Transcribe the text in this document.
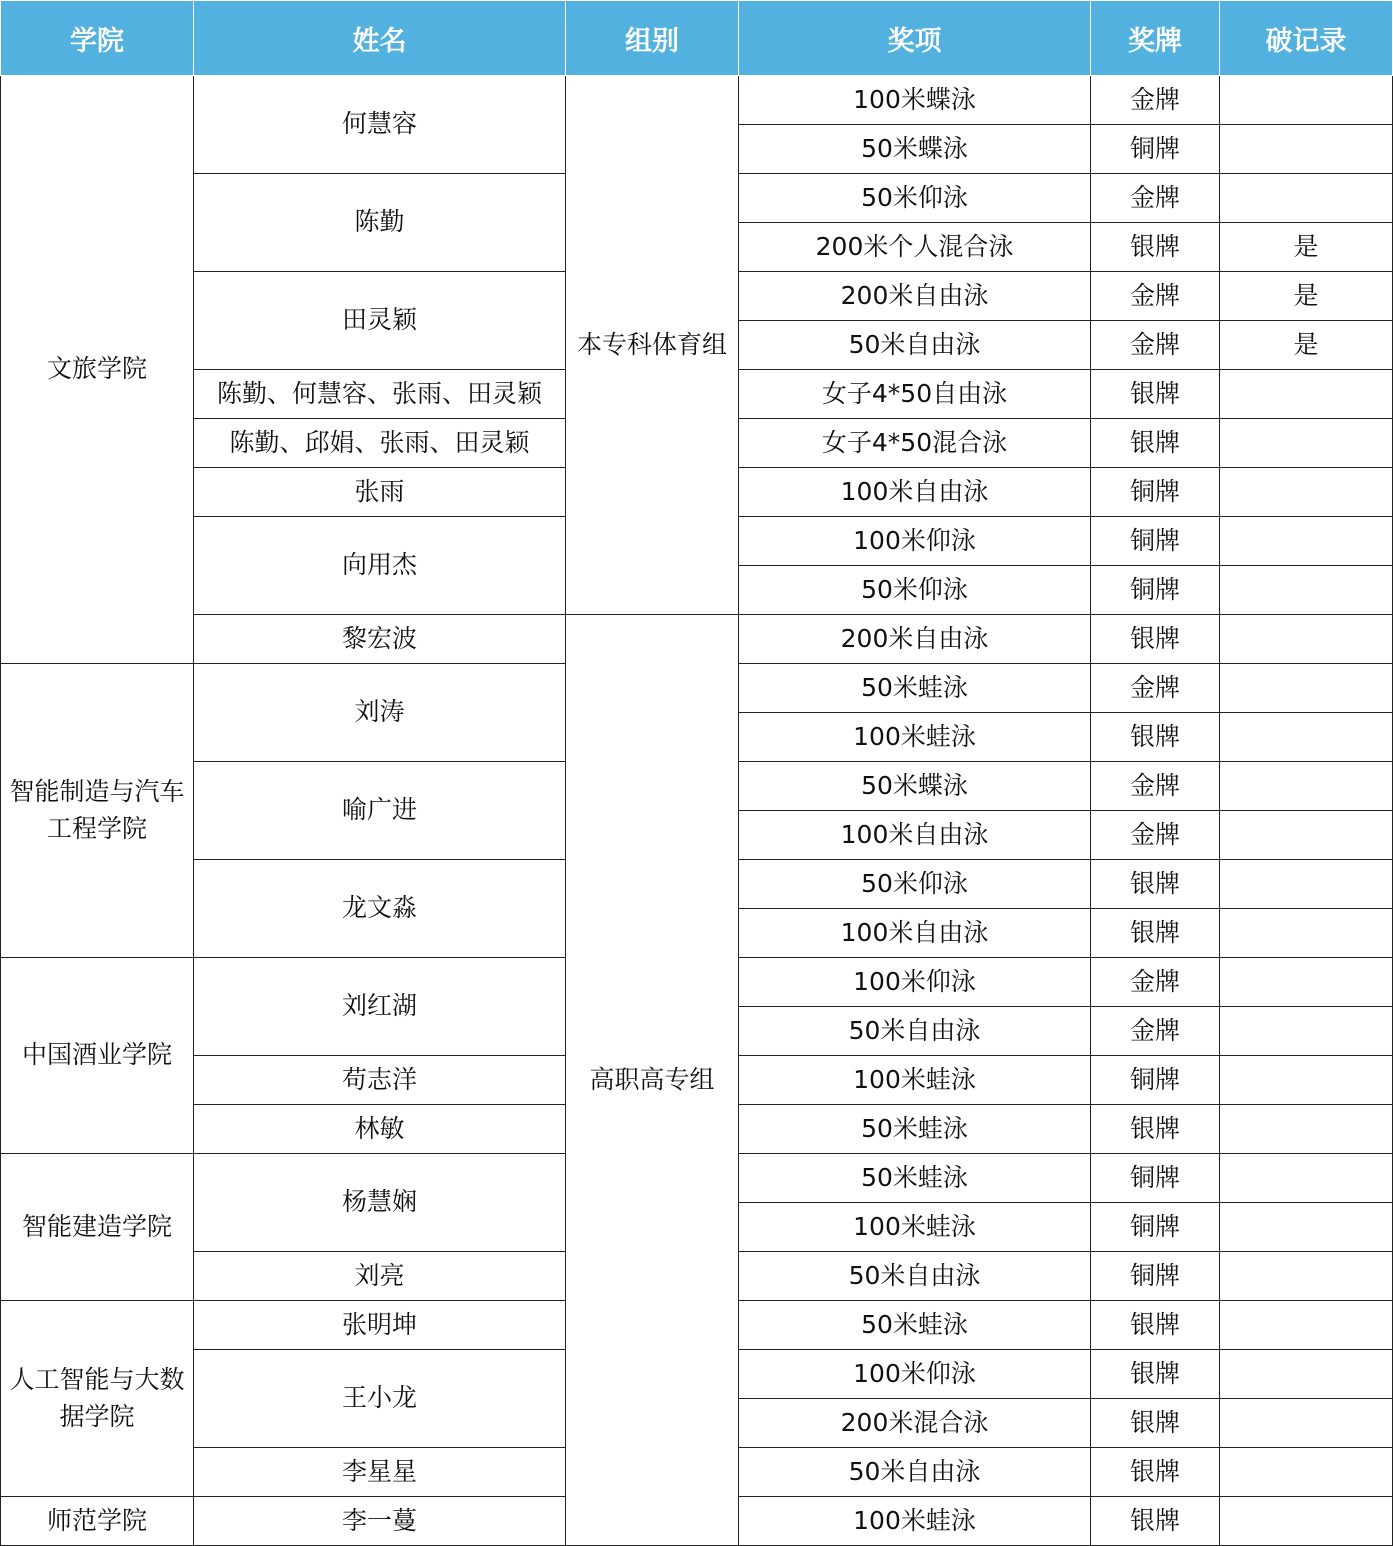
学院	姓名	组别	奖项	奖牌	破记录
文旅学院	何慧容	本专科体育组	100米蝶泳	金牌	
			50米蝶泳	铜牌	
	陈勤		50米仰泳	金牌	
			200米个人混合泳	银牌	是
	田灵颖		200米自由泳	金牌	是
			50米自由泳	金牌	是
	陈勤、何慧容、张雨、田灵颖		女子4*50自由泳	银牌	
	陈勤、邱娟、张雨、田灵颖		女子4*50混合泳	银牌	
	张雨		100米自由泳	铜牌	
	向用杰		100米仰泳	铜牌	
			50米仰泳	铜牌	
	黎宏波	高职高专组	200米自由泳	银牌	
智能制造与汽车工程学院	刘涛		50米蛙泳	金牌	
			100米蛙泳	银牌	
	喻广进		50米蝶泳	金牌	
			100米自由泳	金牌	
	龙文淼		50米仰泳	银牌	
			100米自由泳	银牌	
中国酒业学院	刘红湖		100米仰泳	金牌	
			50米自由泳	金牌	
	苟志洋		100米蛙泳	铜牌	
	林敏		50米蛙泳	银牌	
智能建造学院	杨慧娴		50米蛙泳	铜牌	
			100米蛙泳	铜牌	
	刘亮		50米自由泳	铜牌	
人工智能与大数据学院	张明坤		50米蛙泳	银牌	
	王小龙		100米仰泳	银牌	
			200米混合泳	银牌	
	李星星		50米自由泳	银牌	
师范学院	李一蔓		100米蛙泳	银牌	
